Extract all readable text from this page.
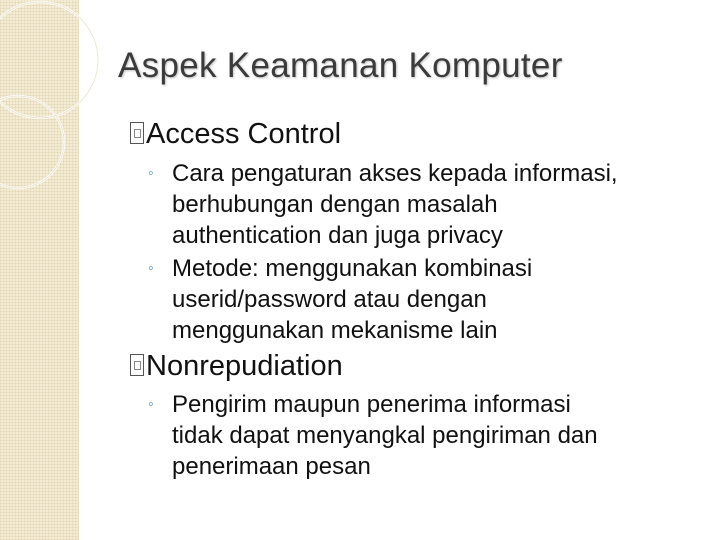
Aspek Keamanan Komputer
Access Control
◦ Cara pengaturan akses kepada informasi,
berhubungan dengan masalah
authentication dan juga privacy
◦ Metode: menggunakan kombinasi
userid/password atau dengan
menggunakan mekanisme lain
Nonrepudiation
◦ Pengirim maupun penerima informasi
tidak dapat menyangkal pengiriman dan
penerimaan pesan
